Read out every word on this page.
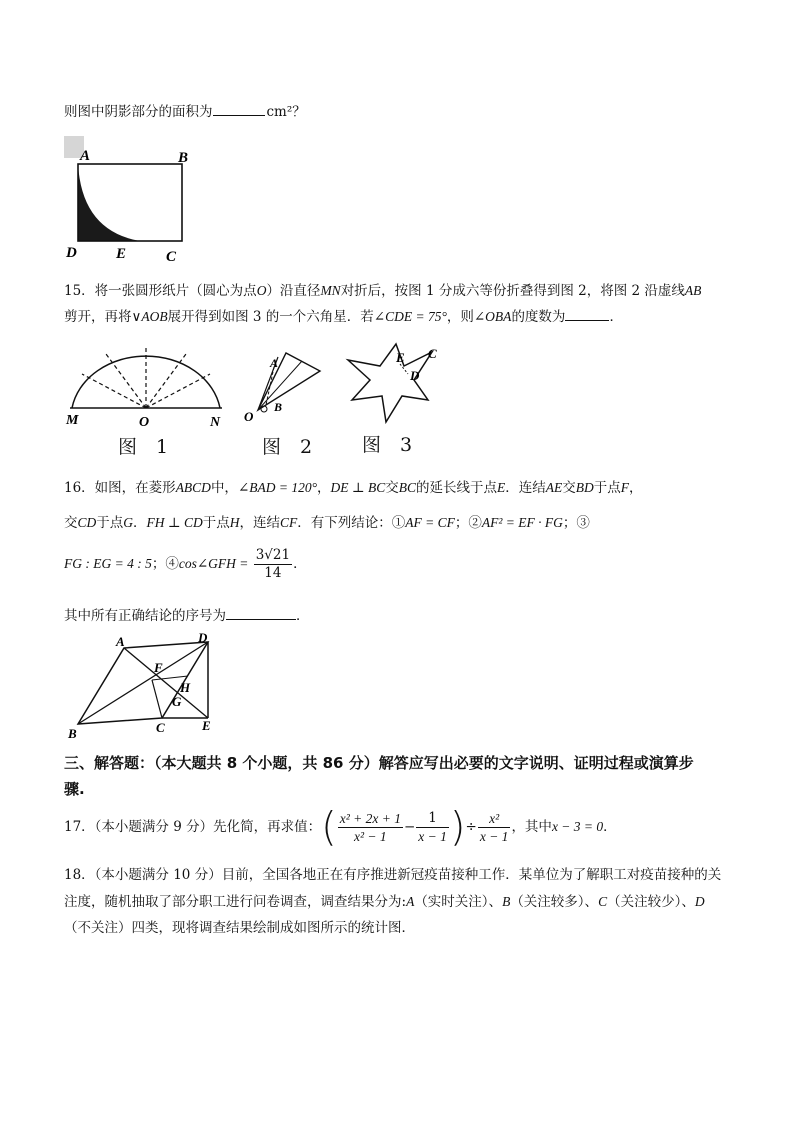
则图中阴影部分的面积为	cm²？
A	B
D	E	C
15．将一张圆形纸片（圆心为点O）沿直径MN对折后，按图 1 分成六等份折叠得到图 2，将图 2 沿虚线AB
剪开，再将∨AOB展开得到如图 3 的一个六角星．若∠CDE = 75°，则∠OBA的度数为	．
M	O	N
图　1
A
O
B
图　2
E C
D
图　3
16．如图，在菱形ABCD中，∠BAD = 120°，DE ⊥ BC交BC的延长线于点E．连结AE交BD于点F，
交CD于点G．FH ⊥ CD于点H，连结CF．有下列结论：①AF = CF；②AF² = EF · FG；③
FG : EG = 4 : 5；④cos∠GFH = $\frac{3√21}{14}$ ．
其中所有正确结论的序号为	．
A	D
F
H
G
B	C	E
三、解答题：（本大题共 8 个小题，共 86 分）解答应写出必要的文字说明、证明过程或演算步
骤.
17．（本小题满分 9 分）先化简，再求值：( $\frac{\text{x² + 2x + 1}}{\text{x² − 1}} - \frac{1}{x - 1}$ )÷ $\frac{\text{x²}}{x - 1}$ ，其中x − 3 = 0．
18．（本小题满分 10 分）目前，全国各地正在有序推进新冠疫苗接种工作．某单位为了解职工对疫苗接种的关
注度，随机抽取了部分职工进行问卷调查，调查结果分为:A（实时关注）、B（关注较多）、C（关注较少）、D
（不关注）四类，现将调查结果绘制成如图所示的统计图．
